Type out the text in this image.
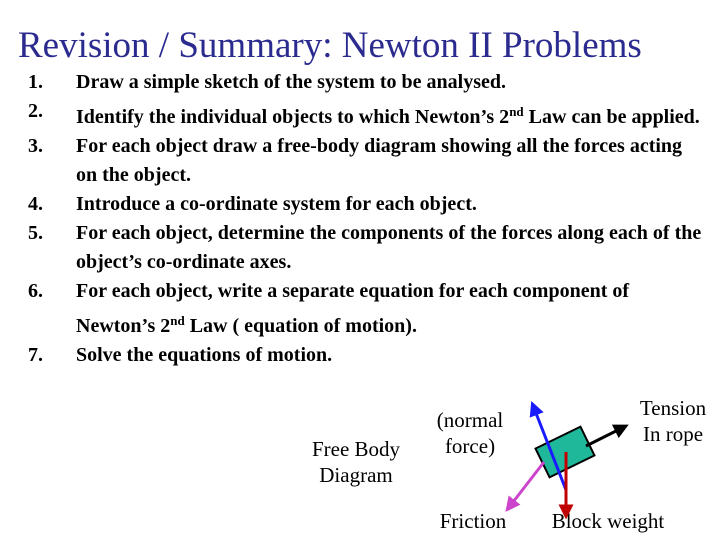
Revision / Summary: Newton II Problems
1.	Draw a simple sketch of the system to be analysed.
2.	Identify the individual objects to which Newton’s 2nd Law can be applied.
3.	For each object draw a free-body diagram showing all the forces acting on the object.
4.	Introduce a co-ordinate system for each object.
5.	For each object, determine the components of the forces along each of the object’s co-ordinate axes.
6.	For each object, write a separate equation for each component of Newton’s 2nd Law ( equation of motion).
7.	Solve the equations of motion.
Free Body
Diagram
(normal
force)
Tension
In rope
Friction	Block weight
